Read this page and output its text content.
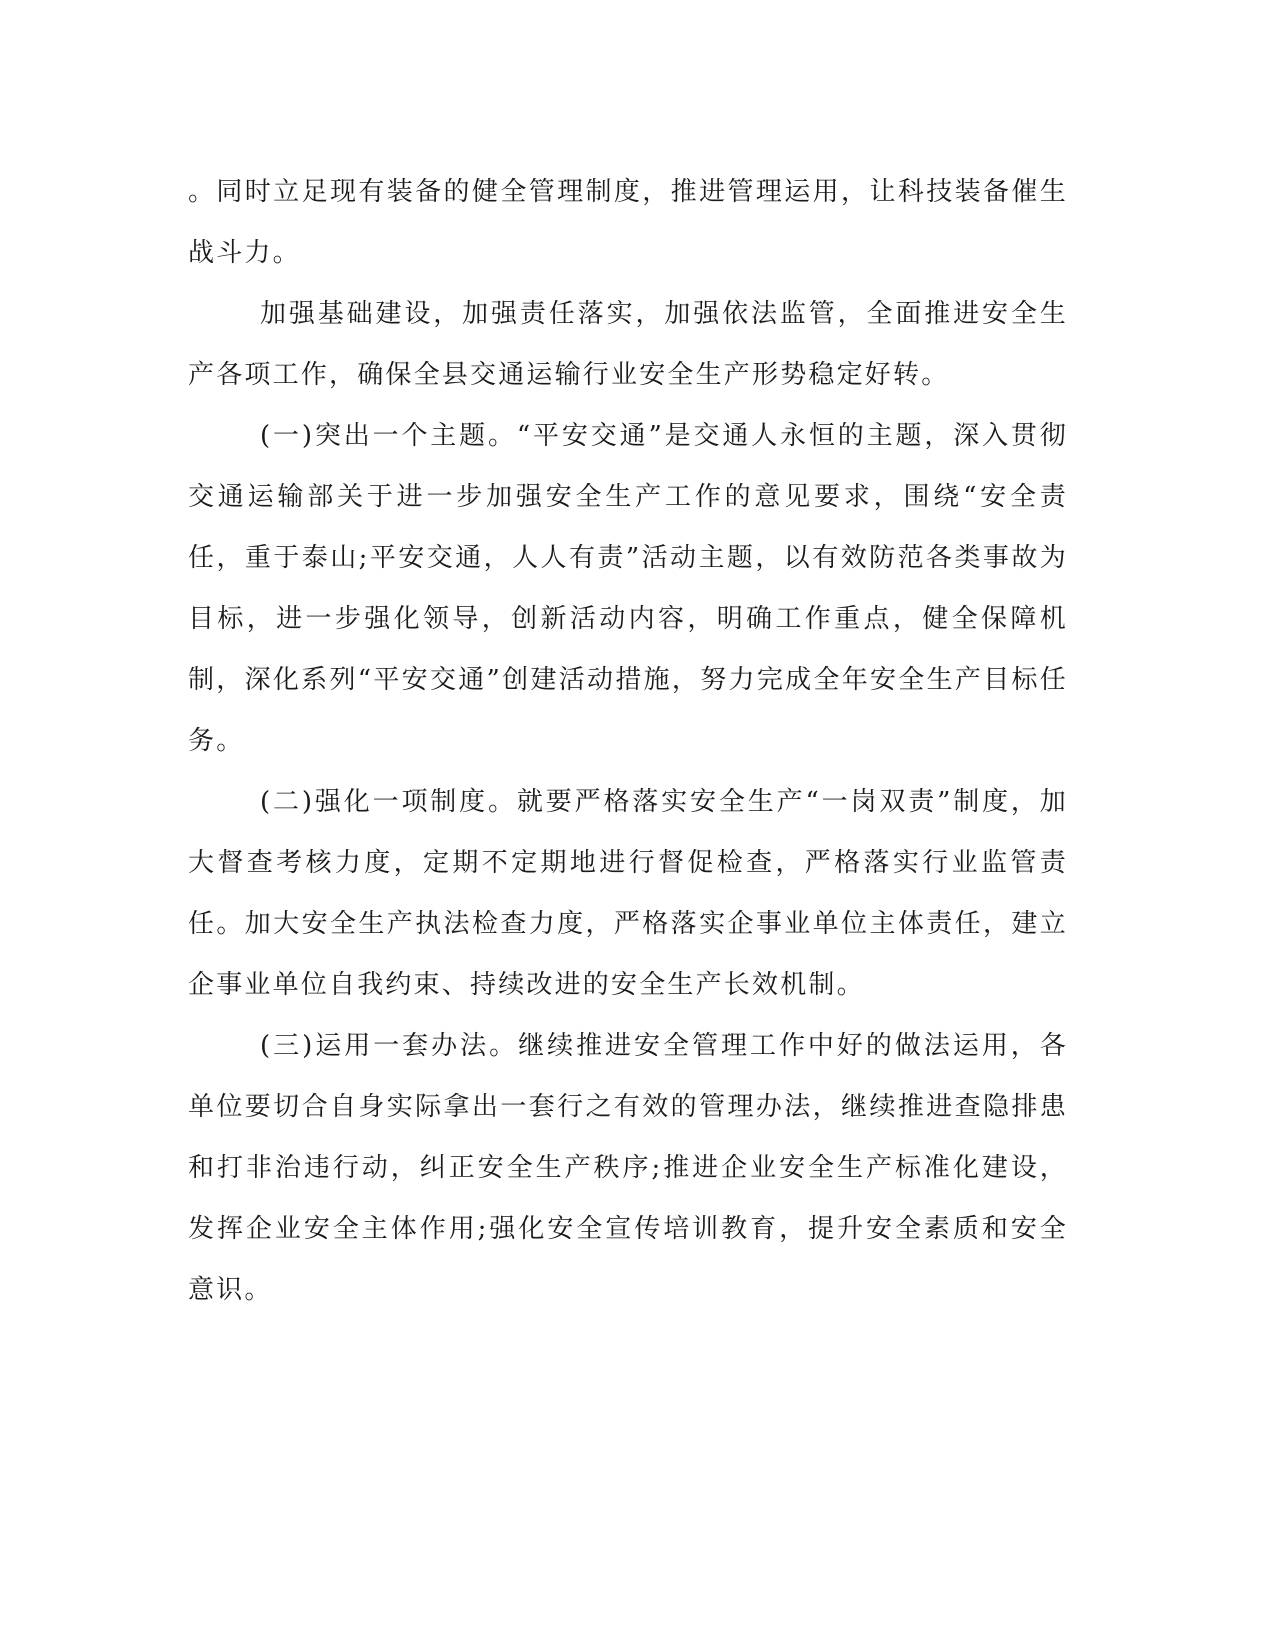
。同时立足现有装备的健全管理制度，推进管理运用，让科技装备催生战斗力。

加强基础建设，加强责任落实，加强依法监管，全面推进安全生产各项工作，确保全县交通运输行业安全生产形势稳定好转。

(一)突出一个主题。“平安交通”是交通人永恒的主题，深入贯彻交通运输部关于进一步加强安全生产工作的意见要求，围绕“安全责任，重于泰山;平安交通，人人有责”活动主题，以有效防范各类事故为目标，进一步强化领导，创新活动内容，明确工作重点，健全保障机制，深化系列“平安交通”创建活动措施，努力完成全年安全生产目标任务。

(二)强化一项制度。就要严格落实安全生产“一岗双责”制度，加大督查考核力度，定期不定期地进行督促检查，严格落实行业监管责任。加大安全生产执法检查力度，严格落实企事业单位主体责任，建立企事业单位自我约束、持续改进的安全生产长效机制。

(三)运用一套办法。继续推进安全管理工作中好的做法运用，各单位要切合自身实际拿出一套行之有效的管理办法，继续推进查隐排患和打非治违行动，纠正安全生产秩序;推进企业安全生产标准化建设，发挥企业安全主体作用;强化安全宣传培训教育，提升安全素质和安全意识。
